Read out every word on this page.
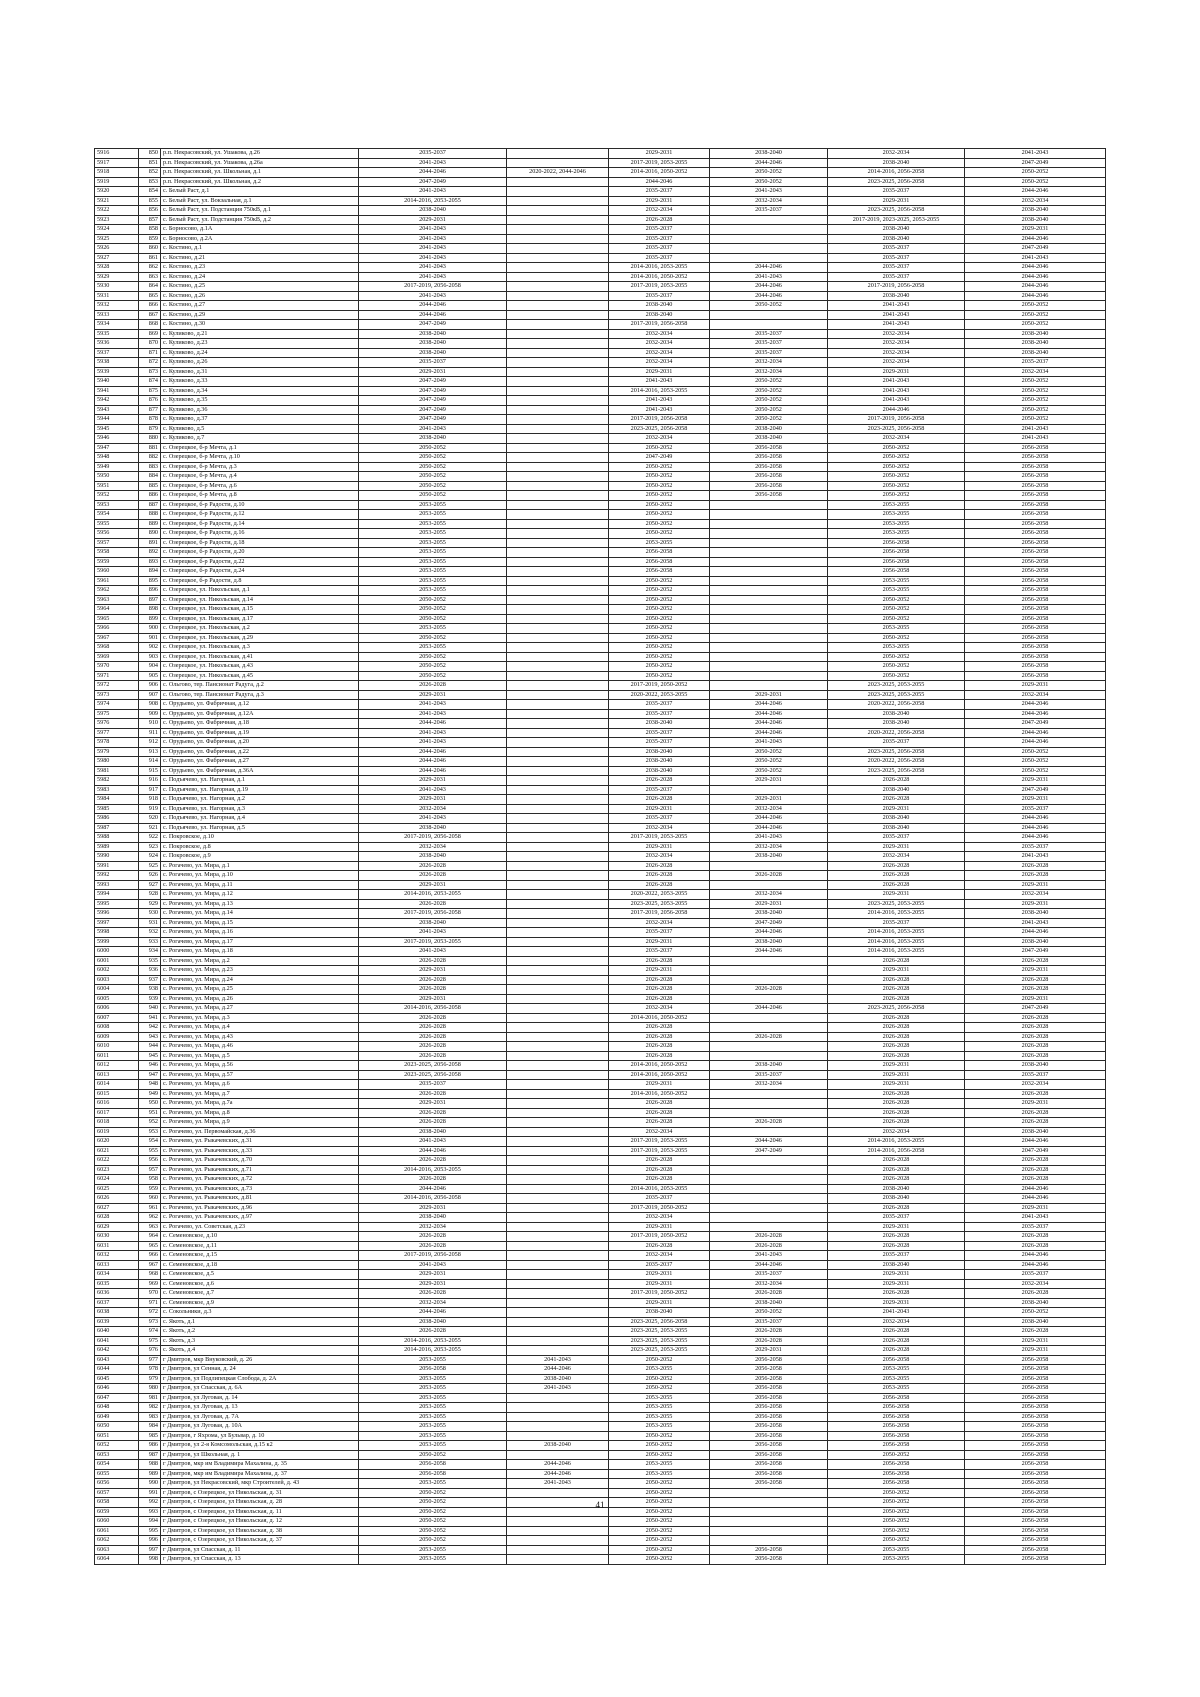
5916	850	р.п. Некрасовский, ул. Ушакова, д.26	2035-2037		2029-2031	2038-2040	2032-2034	2041-2043
5917	851	р.п. Некрасовский, ул. Ушакова, д.26а	2041-2043		2017-2019, 2053-2055	2044-2046	2038-2040	2047-2049
5918	852	р.п. Некрасовский, ул. Школьная, д.1	2044-2046	2020-2022, 2044-2046	2014-2016, 2050-2052	2050-2052	2014-2016, 2056-2058	2050-2052
5919	853	р.п. Некрасовский, ул. Школьная, д.2	2047-2049		2044-2046	2050-2052	2023-2025, 2056-2058	2050-2052
5920	854	с. Белый Раст, д.1	2041-2043		2035-2037	2041-2043	2035-2037	2044-2046
5921	855	с. Белый Раст, ул. Вокзальная, д.1	2014-2016, 2053-2055		2029-2031	2032-2034	2029-2031	2032-2034
5922	856	с. Белый Раст, ул. Подстанция 750кВ, д.1	2038-2040		2032-2034	2035-2037	2023-2025, 2056-2058	2038-2040
5923	857	с. Белый Раст, ул. Подстанция 750кВ, д.2	2029-2031		2026-2028		2017-2019, 2023-2025, 2053-2055	2038-2040
5924	858	с. Борносово, д.1А	2041-2043		2035-2037		2038-2040	2029-2031
5925	859	с. Борносово, д.2А	2041-2043		2035-2037		2038-2040	2044-2046
5926	860	с. Костино, д.1	2041-2043		2035-2037		2035-2037	2047-2049
5927	861	с. Костино, д.21	2041-2043		2035-2037		2035-2037	2041-2043
5928	862	с. Костино, д.23	2041-2043		2014-2016, 2053-2055	2044-2046	2035-2037	2044-2046
5929	863	с. Костино, д.24	2041-2043		2014-2016, 2050-2052	2041-2043	2035-2037	2044-2046
5930	864	с. Костино, д.25	2017-2019, 2056-2058		2017-2019, 2053-2055	2044-2046	2017-2019, 2056-2058	2044-2046
5931	865	с. Костино, д.26	2041-2043		2035-2037	2044-2046	2038-2040	2044-2046
5932	866	с. Костино, д.27	2044-2046		2038-2040	2050-2052	2041-2043	2050-2052
5933	867	с. Костино, д.29	2044-2046		2038-2040		2041-2043	2050-2052
5934	868	с. Костино, д.30	2047-2049		2017-2019, 2056-2058		2041-2043	2050-2052
5935	869	с. Куликово, д.21	2038-2040		2032-2034	2035-2037	2032-2034	2038-2040
5936	870	с. Куликово, д.23	2038-2040		2032-2034	2035-2037	2032-2034	2038-2040
5937	871	с. Куликово, д.24	2038-2040		2032-2034	2035-2037	2032-2034	2038-2040
5938	872	с. Куликово, д.26	2035-2037		2032-2034	2032-2034	2032-2034	2035-2037
5939	873	с. Куликово, д.31	2029-2031		2029-2031	2032-2034	2029-2031	2032-2034
5940	874	с. Куликово, д.33	2047-2049		2041-2043	2050-2052	2041-2043	2050-2052
5941	875	с. Куликово, д.34	2047-2049		2014-2016, 2053-2055	2050-2052	2041-2043	2050-2052
5942	876	с. Куликово, д.35	2047-2049		2041-2043	2050-2052	2041-2043	2050-2052
5943	877	с. Куликово, д.36	2047-2049		2041-2043	2050-2052	2044-2046	2050-2052
5944	878	с. Куликово, д.37	2047-2049		2017-2019, 2056-2058	2050-2052	2017-2019, 2056-2058	2050-2052
5945	879	с. Куликово, д.5	2041-2043		2023-2025, 2056-2058	2038-2040	2023-2025, 2056-2058	2041-2043
5946	880	с. Куликово, д.7	2038-2040		2032-2034	2038-2040	2032-2034	2041-2043
5947	881	с. Озерецкое, б-р Мечта, д.1	2050-2052		2050-2052	2056-2058	2050-2052	2056-2058
5948	882	с. Озерецкое, б-р Мечта, д.10	2050-2052		2047-2049	2056-2058	2050-2052	2056-2058
5949	883	с. Озерецкое, б-р Мечта, д.3	2050-2052		2050-2052	2056-2058	2050-2052	2056-2058
5950	884	с. Озерецкое, б-р Мечта, д.4	2050-2052		2050-2052	2056-2058	2050-2052	2056-2058
5951	885	с. Озерецкое, б-р Мечта, д.6	2050-2052		2050-2052	2056-2058	2050-2052	2056-2058
5952	886	с. Озерецкое, б-р Мечта, д.8	2050-2052		2050-2052	2056-2058	2050-2052	2056-2058
5953	887	с. Озерецкое, б-р Радости, д.10	2053-2055		2050-2052		2053-2055	2056-2058
5954	888	с. Озерецкое, б-р Радости, д.12	2053-2055		2050-2052		2053-2055	2056-2058
5955	889	с. Озерецкое, б-р Радости, д.14	2053-2055		2050-2052		2053-2055	2056-2058
5956	890	с. Озерецкое, б-р Радости, д.16	2053-2055		2050-2052		2053-2055	2056-2058
5957	891	с. Озерецкое, б-р Радости, д.18	2053-2055		2053-2055		2056-2058	2056-2058
5958	892	с. Озерецкое, б-р Радости, д.20	2053-2055		2056-2058		2056-2058	2056-2058
5959	893	с. Озерецкое, б-р Радости, д.22	2053-2055		2056-2058		2056-2058	2056-2058
5960	894	с. Озерецкое, б-р Радости, д.24	2053-2055		2056-2058		2056-2058	2056-2058
5961	895	с. Озерецкое, б-р Радости, д.8	2053-2055		2050-2052		2053-2055	2056-2058
5962	896	с. Озерецкое, ул. Никольская, д.1	2053-2055		2050-2052		2053-2055	2056-2058
5963	897	с. Озерецкое, ул. Никольская, д.14	2050-2052		2050-2052		2050-2052	2056-2058
5964	898	с. Озерецкое, ул. Никольская, д.15	2050-2052		2050-2052		2050-2052	2056-2058
5965	899	с. Озерецкое, ул. Никольская, д.17	2050-2052		2050-2052		2050-2052	2056-2058
5966	900	с. Озерецкое, ул. Никольская, д.2	2053-2055		2050-2052		2053-2055	2056-2058
5967	901	с. Озерецкое, ул. Никольская, д.29	2050-2052		2050-2052		2050-2052	2056-2058
5968	902	с. Озерецкое, ул. Никольская, д.3	2053-2055		2050-2052		2053-2055	2056-2058
5969	903	с. Озерецкое, ул. Никольская, д.41	2050-2052		2050-2052		2050-2052	2056-2058
5970	904	с. Озерецкое, ул. Никольская, д.43	2050-2052		2050-2052		2050-2052	2056-2058
5971	905	с. Озерецкое, ул. Никольская, д.45	2050-2052		2050-2052		2050-2052	2056-2058
5972	906	с. Ольгово, тер. Пансионат Радуга, д.2	2026-2028		2017-2019, 2050-2052		2023-2025, 2053-2055	2029-2031
5973	907	с. Ольгово, тер. Пансионат Радуга, д.3	2029-2031		2020-2022, 2053-2055	2029-2031	2023-2025, 2053-2055	2032-2034
5974	908	с. Орудьево, ул. Фабричная, д.12	2041-2043		2035-2037	2044-2046	2020-2022, 2056-2058	2044-2046
5975	909	с. Орудьево, ул. Фабричная, д.12А	2041-2043		2035-2037	2044-2046	2038-2040	2044-2046
5976	910	с. Орудьево, ул. Фабричная, д.18	2044-2046		2038-2040	2044-2046	2038-2040	2047-2049
5977	911	с. Орудьево, ул. Фабричная, д.19	2041-2043		2035-2037	2044-2046	2020-2022, 2056-2058	2044-2046
5978	912	с. Орудьево, ул. Фабричная, д.20	2041-2043		2035-2037	2041-2043	2035-2037	2044-2046
5979	913	с. Орудьево, ул. Фабричная, д.22	2044-2046		2038-2040	2050-2052	2023-2025, 2056-2058	2050-2052
5980	914	с. Орудьево, ул. Фабричная, д.27	2044-2046		2038-2040	2050-2052	2020-2022, 2056-2058	2050-2052
5981	915	с. Орудьево, ул. Фабричная, д.36А	2044-2046		2038-2040	2050-2052	2023-2025, 2056-2058	2050-2052
5982	916	с. Подъячево, ул. Нагорная, д.1	2029-2031		2026-2028	2029-2031	2026-2028	2029-2031
5983	917	с. Подъячево, ул. Нагорная, д.19	2041-2043		2035-2037		2038-2040	2047-2049
5984	918	с. Подъячево, ул. Нагорная, д.2	2029-2031		2026-2028	2029-2031	2026-2028	2029-2031
5985	919	с. Подъячево, ул. Нагорная, д.3	2032-2034		2029-2031	2032-2034	2029-2031	2035-2037
5986	920	с. Подъячево, ул. Нагорная, д.4	2041-2043		2035-2037	2044-2046	2038-2040	2044-2046
5987	921	с. Подъячево, ул. Нагорная, д.5	2038-2040		2032-2034	2044-2046	2038-2040	2044-2046
5988	922	с. Покровское, д.10	2017-2019, 2056-2058		2017-2019, 2053-2055	2041-2043	2035-2037	2044-2046
5989	923	с. Покровское, д.8	2032-2034		2029-2031	2032-2034	2029-2031	2035-2037
5990	924	с. Покровское, д.9	2038-2040		2032-2034	2038-2040	2032-2034	2041-2043
5991	925	с. Рогачево, ул. Мира, д.1	2026-2028		2026-2028		2026-2028	2026-2028
5992	926	с. Рогачево, ул. Мира, д.10	2026-2028		2026-2028	2026-2028	2026-2028	2026-2028
5993	927	с. Рогачево, ул. Мира, д.11	2029-2031		2026-2028		2026-2028	2029-2031
5994	928	с. Рогачево, ул. Мира, д.12	2014-2016, 2053-2055		2020-2022, 2053-2055	2032-2034	2029-2031	2032-2034
5995	929	с. Рогачево, ул. Мира, д.13	2026-2028		2023-2025, 2053-2055	2029-2031	2023-2025, 2053-2055	2029-2031
5996	930	с. Рогачево, ул. Мира, д.14	2017-2019, 2056-2058		2017-2019, 2056-2058	2038-2040	2014-2016, 2053-2055	2038-2040
5997	931	с. Рогачево, ул. Мира, д.15	2038-2040		2032-2034	2047-2049	2035-2037	2041-2043
5998	932	с. Рогачево, ул. Мира, д.16	2041-2043		2035-2037	2044-2046	2014-2016, 2053-2055	2044-2046
5999	933	с. Рогачево, ул. Мира, д.17	2017-2019, 2053-2055		2029-2031	2038-2040	2014-2016, 2053-2055	2038-2040
6000	934	с. Рогачево, ул. Мира, д.18	2041-2043		2035-2037	2044-2046	2014-2016, 2053-2055	2047-2049
6001	935	с. Рогачево, ул. Мира, д.2	2026-2028		2026-2028		2026-2028	2026-2028
6002	936	с. Рогачево, ул. Мира, д.23	2029-2031		2029-2031		2029-2031	2029-2031
6003	937	с. Рогачево, ул. Мира, д.24	2026-2028		2026-2028		2026-2028	2026-2028
6004	938	с. Рогачево, ул. Мира, д.25	2026-2028		2026-2028	2026-2028	2026-2028	2026-2028
6005	939	с. Рогачево, ул. Мира, д.26	2029-2031		2026-2028		2026-2028	2029-2031
6006	940	с. Рогачево, ул. Мира, д.27	2014-2016, 2056-2058		2032-2034	2044-2046	2023-2025, 2056-2058	2047-2049
6007	941	с. Рогачево, ул. Мира, д.3	2026-2028		2014-2016, 2050-2052		2026-2028	2026-2028
6008	942	с. Рогачево, ул. Мира, д.4	2026-2028		2026-2028		2026-2028	2026-2028
6009	943	с. Рогачево, ул. Мира, д.43	2026-2028		2026-2028	2026-2028	2026-2028	2026-2028
6010	944	с. Рогачево, ул. Мира, д.46	2026-2028		2026-2028		2026-2028	2026-2028
6011	945	с. Рогачево, ул. Мира, д.5	2026-2028		2026-2028		2026-2028	2026-2028
6012	946	с. Рогачево, ул. Мира, д.56	2023-2025, 2056-2058		2014-2016, 2050-2052	2038-2040	2029-2031	2038-2040
6013	947	с. Рогачево, ул. Мира, д.57	2023-2025, 2056-2058		2014-2016, 2050-2052	2035-2037	2029-2031	2035-2037
6014	948	с. Рогачево, ул. Мира, д.6	2035-2037		2029-2031	2032-2034	2029-2031	2032-2034
6015	949	с. Рогачево, ул. Мира, д.7	2026-2028		2014-2016, 2050-2052		2026-2028	2026-2028
6016	950	с. Рогачево, ул. Мира, д.7а	2029-2031		2026-2028		2026-2028	2029-2031
6017	951	с. Рогачево, ул. Мира, д.8	2026-2028		2026-2028		2026-2028	2026-2028
6018	952	с. Рогачево, ул. Мира, д.9	2026-2028		2026-2028	2026-2028	2026-2028	2026-2028
6019	953	с. Рогачево, ул. Первомайская, д.36	2038-2040		2032-2034		2032-2034	2038-2040
6020	954	с. Рогачево, ул. Рыкачевских, д.31	2041-2043		2017-2019, 2053-2055	2044-2046	2014-2016, 2053-2055	2044-2046
6021	955	с. Рогачево, ул. Рыкачевских, д.33	2044-2046		2017-2019, 2053-2055	2047-2049	2014-2016, 2056-2058	2047-2049
6022	956	с. Рогачево, ул. Рыкачевских, д.70	2026-2028		2026-2028		2026-2028	2026-2028
6023	957	с. Рогачево, ул. Рыкачевских, д.71	2014-2016, 2053-2055		2026-2028		2026-2028	2026-2028
6024	958	с. Рогачево, ул. Рыкачевских, д.72	2026-2028		2026-2028		2026-2028	2026-2028
6025	959	с. Рогачево, ул. Рыкачевских, д.73	2044-2046		2014-2016, 2053-2055		2038-2040	2044-2046
6026	960	с. Рогачево, ул. Рыкачевских, д.81	2014-2016, 2056-2058		2035-2037		2038-2040	2044-2046
6027	961	с. Рогачево, ул. Рыкачевских, д.96	2029-2031		2017-2019, 2050-2052		2026-2028	2029-2031
6028	962	с. Рогачево, ул. Рыкачевских, д.97	2038-2040		2032-2034		2035-2037	2041-2043
6029	963	с. Рогачево, ул. Советская, д.23	2032-2034		2029-2031		2029-2031	2035-2037
6030	964	с. Семеновское, д.10	2026-2028		2017-2019, 2050-2052	2026-2028	2026-2028	2026-2028
6031	965	с. Семеновское, д.11	2026-2028		2026-2028	2026-2028	2026-2028	2026-2028
6032	966	с. Семеновское, д.15	2017-2019, 2056-2058		2032-2034	2041-2043	2035-2037	2044-2046
6033	967	с. Семеновское, д.18	2041-2043		2035-2037	2044-2046	2038-2040	2044-2046
6034	968	с. Семеновское, д.5	2029-2031		2029-2031	2035-2037	2029-2031	2035-2037
6035	969	с. Семеновское, д.6	2029-2031		2029-2031	2032-2034	2029-2031	2032-2034
6036	970	с. Семеновское, д.7	2026-2028		2017-2019, 2050-2052	2026-2028	2026-2028	2026-2028
6037	971	с. Семеновское, д.9	2032-2034		2029-2031	2038-2040	2029-2031	2038-2040
6038	972	с. Сокольники, д.3	2044-2046		2038-2040	2050-2052	2041-2043	2050-2052
6039	973	с. Якоть, д.1	2038-2040		2023-2025, 2056-2058	2035-2037	2032-2034	2038-2040
6040	974	с. Якоть, д.2	2026-2028		2023-2025, 2053-2055	2026-2028	2026-2028	2026-2028
6041	975	с. Якоть, д.3	2014-2016, 2053-2055		2023-2025, 2053-2055	2026-2028	2026-2028	2029-2031
6042	976	с. Якоть, д.4	2014-2016, 2053-2055		2023-2025, 2053-2055	2029-2031	2026-2028	2029-2031
6043	977	г Дмитров, мкр Внуковский, д. 26	2053-2055	2041-2043	2050-2052	2056-2058	2056-2058	2056-2058
6044	978	г Дмитров, ул Сенная, д. 24	2056-2058	2044-2046	2053-2055	2056-2058	2053-2055	2056-2058
6045	979	г Дмитров, ул Подлипецкая Слобода, д. 2А	2053-2055	2038-2040	2050-2052	2056-2058	2053-2055	2056-2058
6046	980	г Дмитров, ул Спасская, д. 6А	2053-2055	2041-2043	2050-2052	2056-2058	2053-2055	2056-2058
6047	981	г Дмитров, ул Луговая, д. 14	2053-2055		2053-2055	2056-2058	2056-2058	2056-2058
6048	982	г Дмитров, ул Луговая, д. 13	2053-2055		2053-2055	2056-2058	2056-2058	2056-2058
6049	983	г Дмитров, ул Луговая, д. 7А	2053-2055		2053-2055	2056-2058	2056-2058	2056-2058
6050	984	г Дмитров, ул Луговая, д. 10А	2053-2055		2053-2055	2056-2058	2056-2058	2056-2058
6051	985	г Дмитров, г Яхрома, ул Бульвар, д. 10	2053-2055		2050-2052	2056-2058	2056-2058	2056-2058
6052	986	г Дмитров, ул 2-я Комсомольская, д.15 к2	2053-2055	2038-2040	2050-2052	2056-2058	2056-2058	2056-2058
6053	987	г Дмитров, ул Школьная, д. 1	2050-2052		2050-2052	2056-2058	2050-2052	2056-2058
6054	988	г Дмитров, мкр им Владимира Махалина, д. 35	2056-2058	2044-2046	2053-2055	2056-2058	2056-2058	2056-2058
6055	989	г Дмитров, мкр им Владимира Махалина, д. 37	2056-2058	2044-2046	2053-2055	2056-2058	2056-2058	2056-2058
6056	990	г Дмитров, ул Некрасовский, мкр Строителей, д. 43	2053-2055	2041-2043	2050-2052	2056-2058	2056-2058	2056-2058
6057	991	г Дмитров, с Озерецкое, ул Никольская, д. 31	2050-2052		2050-2052		2050-2052	2056-2058
6058	992	г Дмитров, с Озерецкое, ул Никольская, д. 28	2050-2052		2050-2052		2050-2052	2056-2058
6059	993	г Дмитров, с Озерецкое, ул Никольская, д. 11	2050-2052		2050-2052		2050-2052	2056-2058
6060	994	г Дмитров, с Озерецкое, ул Никольская, д. 12	2050-2052		2050-2052		2050-2052	2056-2058
6061	995	г Дмитров, с Озерецкое, ул Никольская, д. 38	2050-2052		2050-2052		2050-2052	2056-2058
6062	996	г Дмитров, с Озерецкое, ул Никольская, д. 37	2050-2052		2050-2052		2050-2052	2056-2058
6063	997	г Дмитров, ул Спасская, д. 11	2053-2055		2050-2052	2056-2058	2053-2055	2056-2058
6064	998	г Дмитров, ул Спасская, д. 13	2053-2055		2050-2052	2056-2058	2053-2055	2056-2058
41
